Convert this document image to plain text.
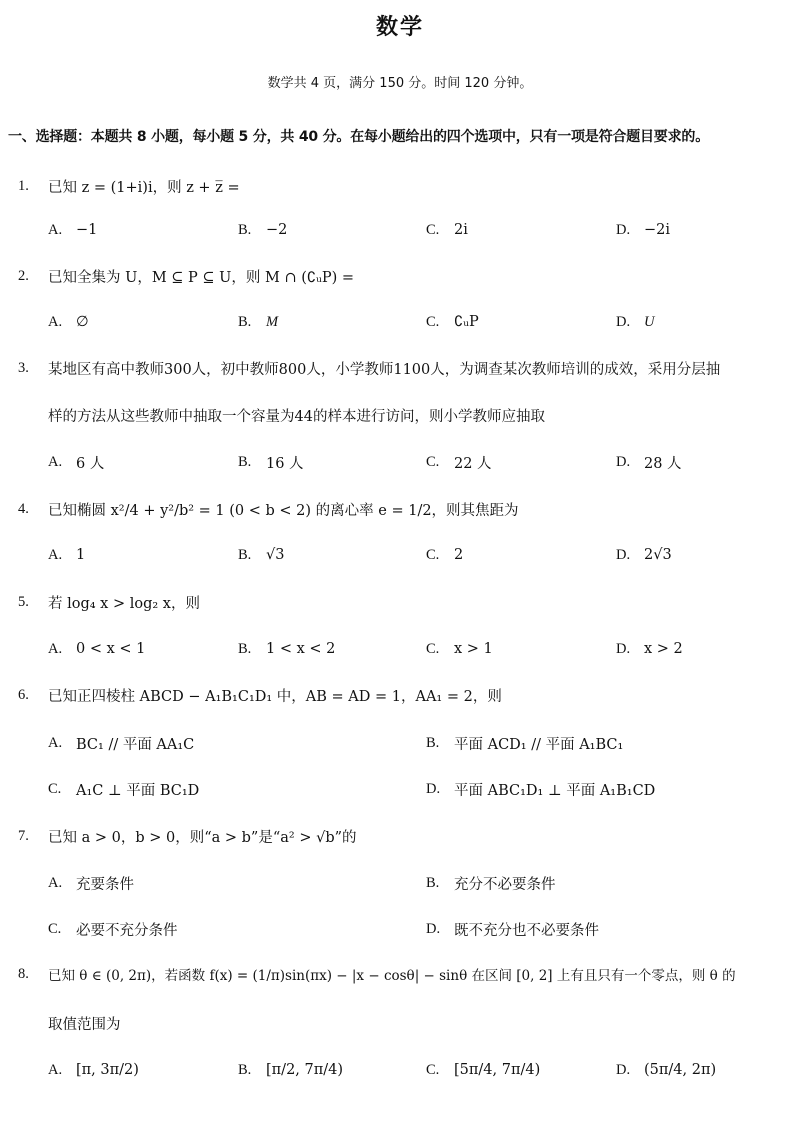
数学
数学共 4 页，满分 150 分。时间 120 分钟。
一、选择题：本题共 8 小题，每小题 5 分，共 40 分。在每小题给出的四个选项中，只有一项是符合题目要求的。
1. 已知 z = (1+i)i，则 z + z̅ =
A. −1	B.	−2	C.	2i	D. −2i
2. 已知全集为 U，M ⊆ P ⊆ U，则 M ∩ (∁ᵤP) =
A. ∅	B.	M	C.	∁ᵤP	D. U
3. 某地区有高中教师300人，初中教师800人，小学教师1100人，为调查某次教师培训的成效，采用分层抽
样的方法从这些教师中抽取一个容量为44的样本进行访问，则小学教师应抽取
A. 6 人	B.	16 人	C.	22 人	D. 28 人
4. 已知椭圆 x²/4 + y²/b² = 1 (0 < b < 2) 的离心率 e = 1/2，则其焦距为
A. 1	B.	√3	C.	2	D. 2√3
5. 若 log₄ x > log₂ x，则
A. 0 < x < 1	B.	1 < x < 2	C.	x > 1	D. x > 2
6. 已知正四棱柱 ABCD − A₁B₁C₁D₁ 中，AB = AD = 1，AA₁ = 2，则
A. BC₁ // 平面 AA₁C	B.	平面 ACD₁ // 平面 A₁BC₁
C.	A₁C ⊥ 平面 BC₁D	D. 平面 ABC₁D₁ ⊥ 平面 A₁B₁CD
7. 已知 a > 0，b > 0，则“a > b”是“a² > √b”的
A. 充要条件	B.	充分不必要条件
C.	必要不充分条件	D. 既不充分也不必要条件
8. 已知 θ ∈ (0, 2π)，若函数 f(x) = (1/π)sin(πx) − |x − cosθ| − sinθ 在区间 [0, 2] 上有且只有一个零点，则 θ 的
取值范围为
A. [π, 3π/2)	B.	[π/2, 7π/4)	C.	[5π/4, 7π/4)	D. (5π/4, 2π)
